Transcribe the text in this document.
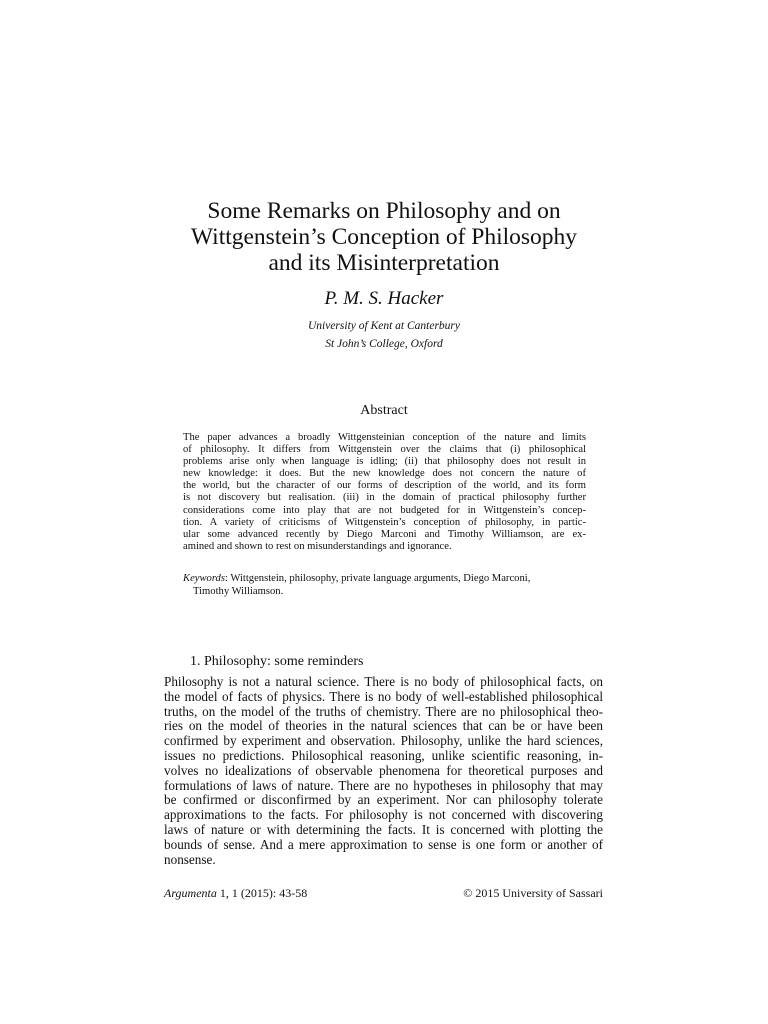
Some Remarks on Philosophy and on
Wittgenstein’s Conception of Philosophy
and its Misinterpretation

P. M. S. Hacker

University of Kent at Canterbury

St John’s College, Oxford

Abstract
The paper advances a broadly Wittgensteinian conception of the nature and limits
of philosophy. It differs from Wittgenstein over the claims that (i) philosophical
problems arise only when language is idling; (ii) that philosophy does not result in
new knowledge: it does. But the new knowledge does not concern the nature of
the world, but the character of our forms of description of the world, and its form
is not discovery but realisation. (iii) in the domain of practical philosophy further
considerations come into play that are not budgeted for in Wittgenstein’s concep-
tion. A variety of criticisms of Wittgenstein’s conception of philosophy, in partic-
ular some advanced recently by Diego Marconi and Timothy Williamson, are ex-
amined and shown to rest on misunderstandings and ignorance.
Keywords: Wittgenstein, philosophy, private language arguments, Diego Marconi,
Timothy Williamson.
1. Philosophy: some reminders
Philosophy is not a natural science. There is no body of philosophical facts, on
the model of facts of physics. There is no body of well-established philosophical
truths, on the model of the truths of chemistry. There are no philosophical theo-
ries on the model of theories in the natural sciences that can be or have been
confirmed by experiment and observation. Philosophy, unlike the hard sciences,
issues no predictions. Philosophical reasoning, unlike scientific reasoning, in-
volves no idealizations of observable phenomena for theoretical purposes and
formulations of laws of nature. There are no hypotheses in philosophy that may
be confirmed or disconfirmed by an experiment. Nor can philosophy tolerate
approximations to the facts. For philosophy is not concerned with discovering
laws of nature or with determining the facts. It is concerned with plotting the
bounds of sense. And a mere approximation to sense is one form or another of
nonsense.
Argumenta 1, 1 (2015): 43-58	© 2015 University of Sassari
